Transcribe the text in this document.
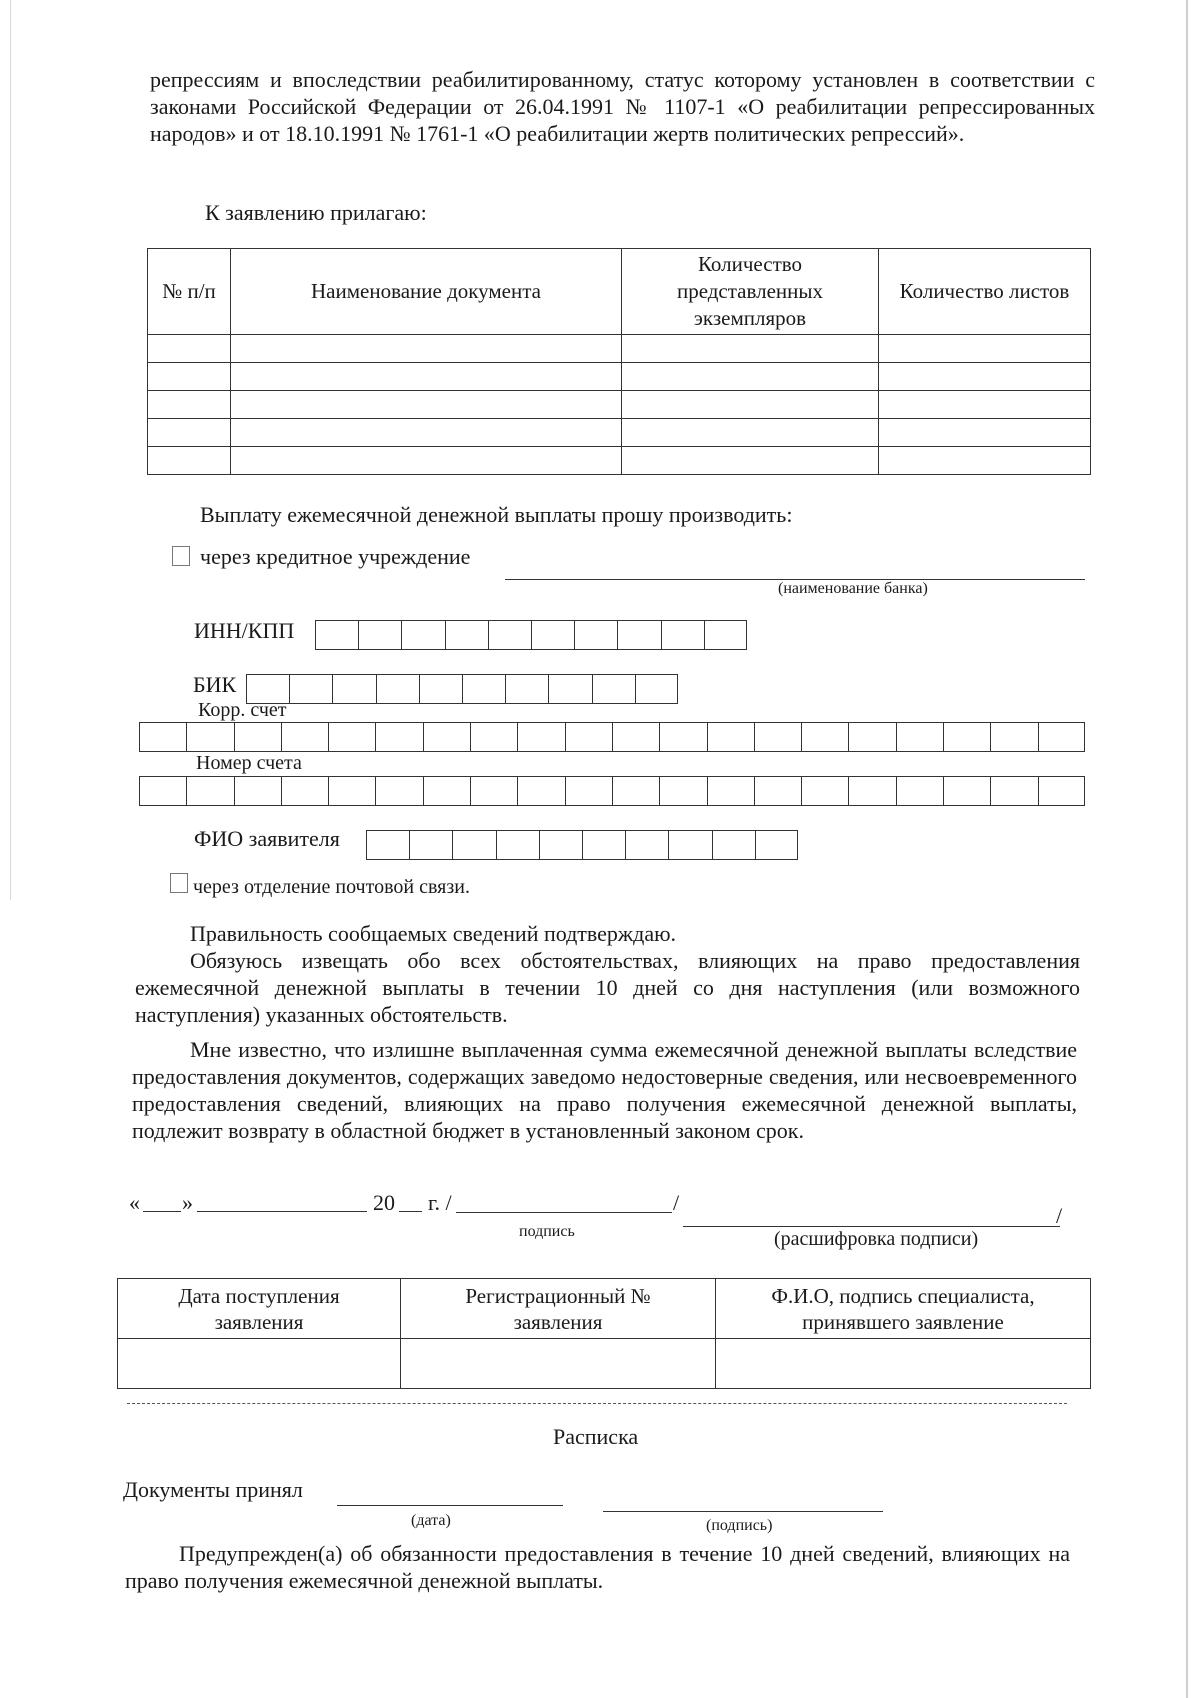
репрессиям и впоследствии реабилитированному, статус которому установлен в соответствии с законами Российской Федерации от 26.04.1991 № 1107-1 «О реабилитации репрессированных народов» и от 18.10.1991 № 1761-1 «О реабилитации жертв политических репрессий».

К заявлению прилагаю:
№ п/п	Наименование документа	Количество представленных экземпляров	Количество листов

Выплату ежемесячной денежной выплаты прошу производить:
через кредитное учреждение
(наименование банка)
ИНН/КПП
БИК
Корр. счет
Номер счета
ФИО заявителя
через отделение почтовой связи.

Правильность сообщаемых сведений подтверждаю.

Обязуюсь извещать обо всех обстоятельствах, влияющих на право предоставления ежемесячной денежной выплаты в течении 10 дней со дня наступления (или возможного наступления) указанных обстоятельств.

Мне известно, что излишне выплаченная сумма ежемесячной денежной выплаты вследствие предоставления документов, содержащих заведомо недостоверные сведения, или несвоевременного предоставления сведений, влияющих на право получения ежемесячной денежной выплаты, подлежит возврату в областной бюджет в установленный законом срок.

« »	20 г. /	/
/
подпись	(расшифровка подписи)
Дата поступления заявления	Регистрационный № заявления	Ф.И.О, подпись специалиста, принявшего заявление

Расписка
Документы принял
(дата)	(подпись)

Предупрежден(а) об обязанности предоставления в течение 10 дней сведений, влияющих на право получения ежемесячной денежной выплаты.
